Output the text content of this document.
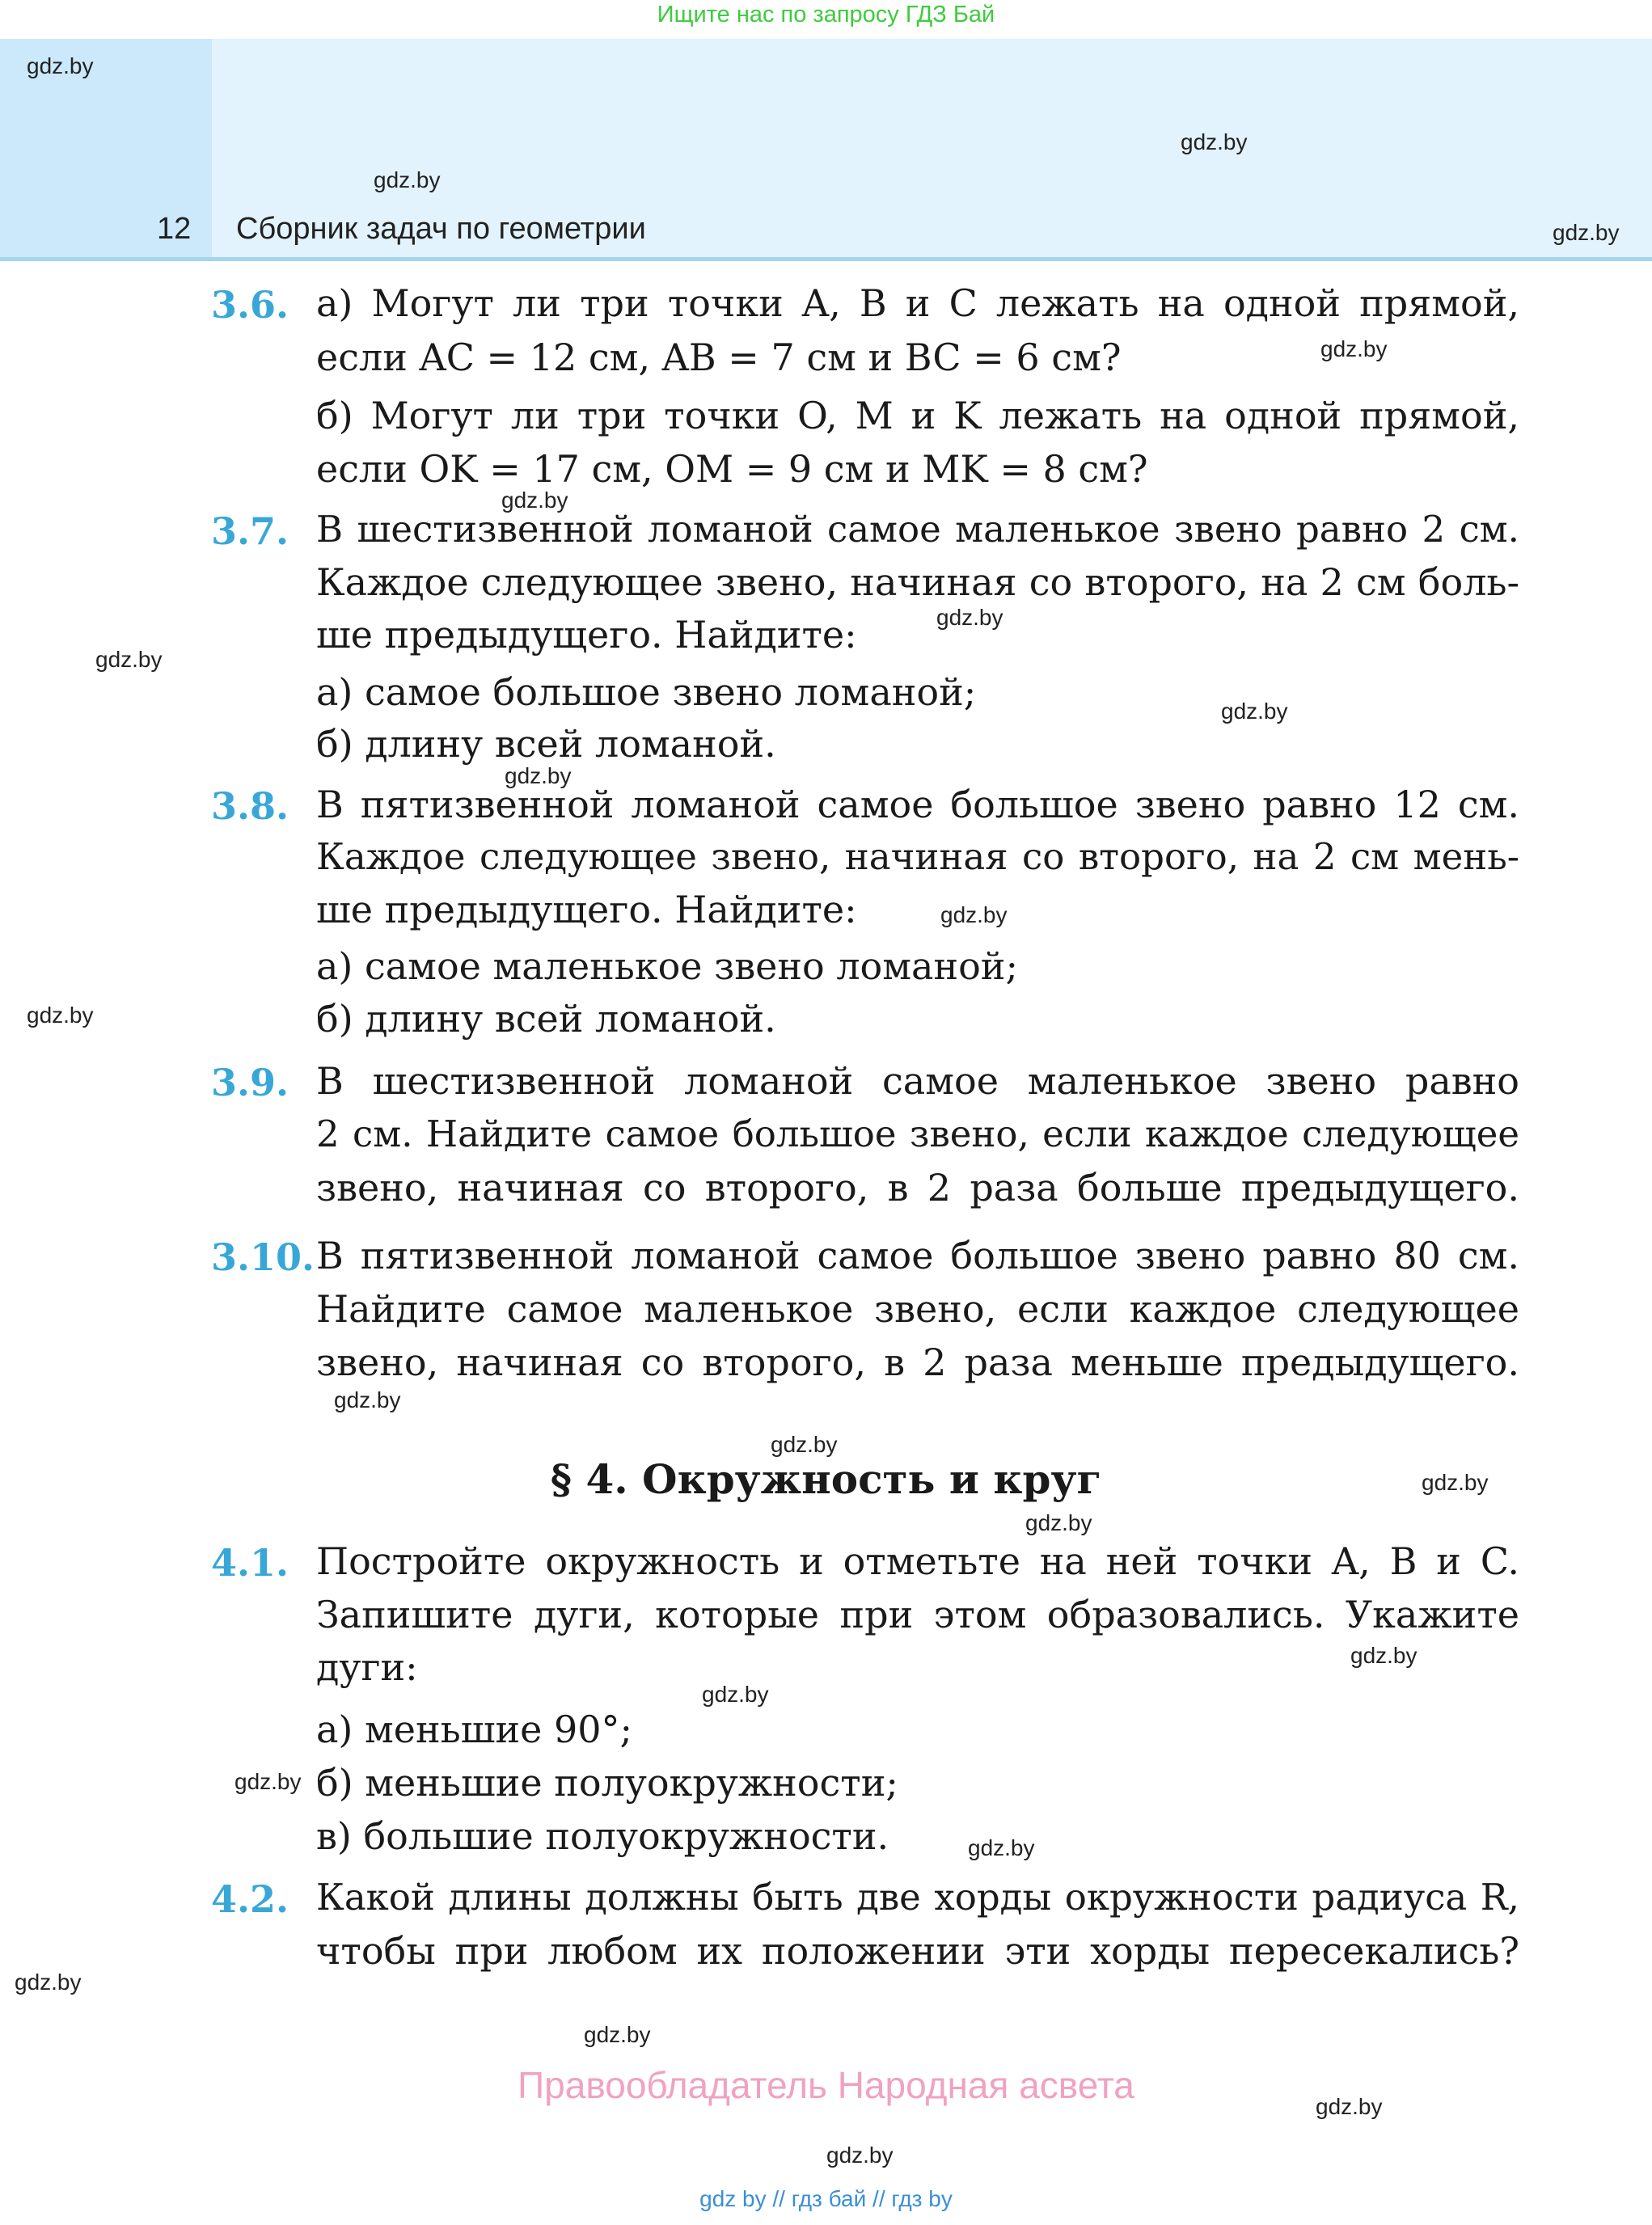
Ищите нас по запросу ГДЗ Бай
12 Сборник задач по геометрии
3.6. а) Могут ли три точки A, B и C лежать на одной прямой,
если AC = 12 см, AB = 7 см и BC = 6 см?
б) Могут ли три точки O, M и K лежать на одной прямой,
если OK = 17 см, OM = 9 см и MK = 8 см?
3.7. В шестизвенной ломаной самое маленькое звено равно 2 см.
Каждое следующее звено, начиная со второго, на 2 см боль-
ше предыдущего. Найдите:
а) самое большое звено ломаной;
б) длину всей ломаной.
3.8. В пятизвенной ломаной самое большое звено равно 12 см.
Каждое следующее звено, начиная со второго, на 2 см мень-
ше предыдущего. Найдите:
а) самое маленькое звено ломаной;
б) длину всей ломаной.
3.9. В шестизвенной ломаной самое маленькое звено равно
2 см. Найдите самое большое звено, если каждое следующее
звено, начиная со второго, в 2 раза больше предыдущего.
3.10. В пятизвенной ломаной самое большое звено равно 80 см.
Найдите самое маленькое звено, если каждое следующее
звено, начиная со второго, в 2 раза меньше предыдущего.
§ 4. Окружность и круг
4.1. Постройте окружность и отметьте на ней точки A, B и C.
Запишите дуги, которые при этом образовались. Укажите
дуги:
а) меньшие 90°;
б) меньшие полуокружности;
в) большие полуокружности.
4.2. Какой длины должны быть две хорды окружности радиуса R,
чтобы при любом их положении эти хорды пересекались?
Правообладатель Народная асвета
gdz by // гдз бай // гдз by
gdz.by
gdz.by
gdz.by
gdz.by
gdz.by
gdz.by
gdz.by
gdz.by
gdz.by
gdz.by
gdz.by
gdz.by
gdz.by
gdz.by
gdz.by
gdz.by
gdz.by
gdz.by
gdz.by
gdz.by
gdz.by
gdz.by
gdz.by
gdz.by
